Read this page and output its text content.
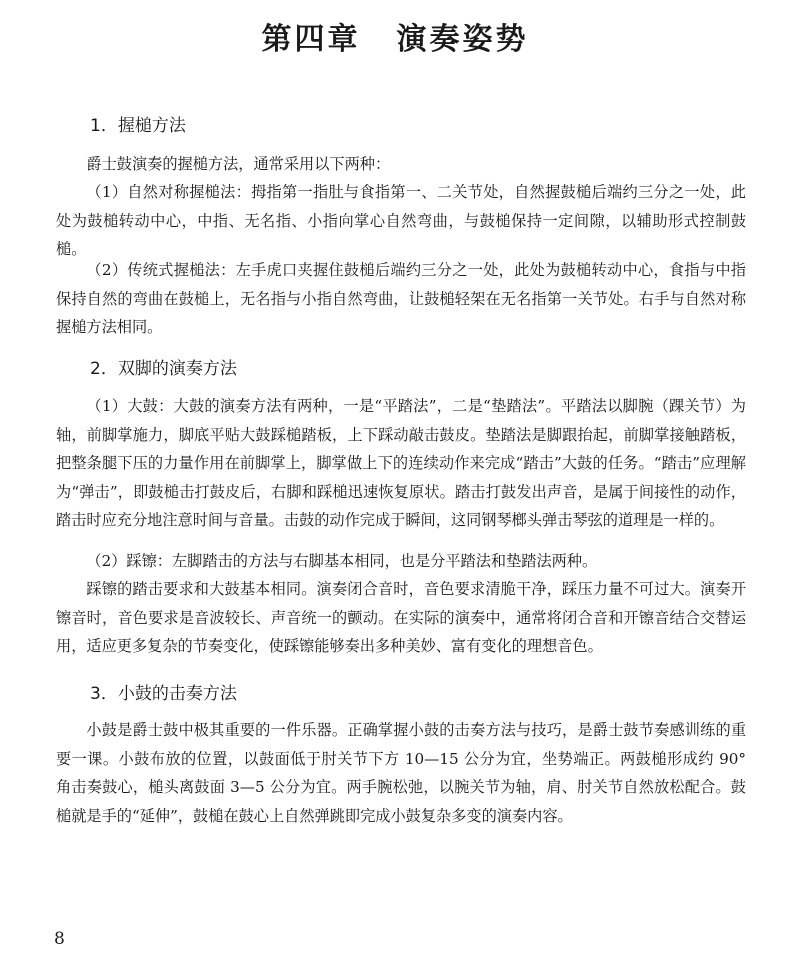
第四章 演奏姿势
1．握槌方法

爵士鼓演奏的握槌方法，通常采用以下两种：

（1）自然对称握槌法：拇指第一指肚与食指第一、二关节处，自然握鼓槌后端约三分之一处，此处为鼓槌转动中心，中指、无名指、小指向掌心自然弯曲，与鼓槌保持一定间隙，以辅助形式控制鼓槌。

（2）传统式握槌法：左手虎口夹握住鼓槌后端约三分之一处，此处为鼓槌转动中心，食指与中指保持自然的弯曲在鼓槌上，无名指与小指自然弯曲，让鼓槌轻架在无名指第一关节处。右手与自然对称握槌方法相同。

2．双脚的演奏方法

（1）大鼓：大鼓的演奏方法有两种，一是“平踏法”，二是“垫踏法”。平踏法以脚腕（踝关节）为轴，前脚掌施力，脚底平贴大鼓踩槌踏板，上下踩动敲击鼓皮。垫踏法是脚跟抬起，前脚掌接触踏板，把整条腿下压的力量作用在前脚掌上，脚掌做上下的连续动作来完成“踏击”大鼓的任务。“踏击”应理解为“弹击”，即鼓槌击打鼓皮后，右脚和踩槌迅速恢复原状。踏击打鼓发出声音，是属于间接性的动作，踏击时应充分地注意时间与音量。击鼓的动作完成于瞬间，这同钢琴榔头弹击琴弦的道理是一样的。

（2）踩镲：左脚踏击的方法与右脚基本相同，也是分平踏法和垫踏法两种。

踩镲的踏击要求和大鼓基本相同。演奏闭合音时，音色要求清脆干净，踩压力量不可过大。演奏开镲音时，音色要求是音波较长、声音统一的颤动。在实际的演奏中，通常将闭合音和开镲音结合交替运用，适应更多复杂的节奏变化，使踩镲能够奏出多种美妙、富有变化的理想音色。

3．小鼓的击奏方法

小鼓是爵士鼓中极其重要的一件乐器。正确掌握小鼓的击奏方法与技巧，是爵士鼓节奏感训练的重要一课。小鼓布放的位置，以鼓面低于肘关节下方 10—15 公分为宜，坐势端正。两鼓槌形成约 90° 角击奏鼓心，槌头离鼓面 3—5 公分为宜。两手腕松弛，以腕关节为轴，肩、肘关节自然放松配合。鼓槌就是手的“延伸”，鼓槌在鼓心上自然弹跳即完成小鼓复杂多变的演奏内容。

8
